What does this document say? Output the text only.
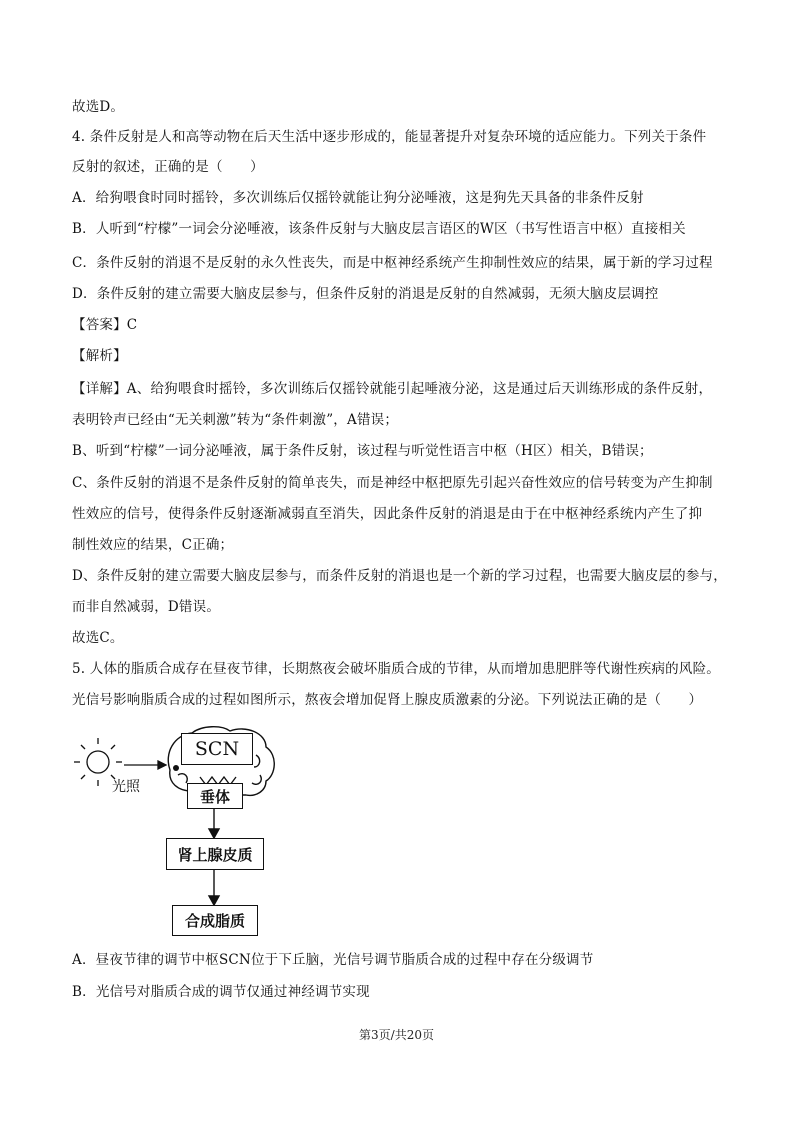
故选D。
4. 条件反射是人和高等动物在后天生活中逐步形成的，能显著提升对复杂环境的适应能力。下列关于条件
反射的叙述，正确的是（　　）
A．给狗喂食时同时摇铃，多次训练后仅摇铃就能让狗分泌唾液，这是狗先天具备的非条件反射
B．人听到“柠檬”一词会分泌唾液，该条件反射与大脑皮层言语区的W区（书写性语言中枢）直接相关
C．条件反射的消退不是反射的永久性丧失，而是中枢神经系统产生抑制性效应的结果，属于新的学习过程
D．条件反射的建立需要大脑皮层参与，但条件反射的消退是反射的自然减弱，无须大脑皮层调控
【答案】C
【解析】
【详解】A、给狗喂食时摇铃，多次训练后仅摇铃就能引起唾液分泌，这是通过后天训练形成的条件反射，
表明铃声已经由“无关刺激”转为“条件刺激”，A错误；
B、听到“柠檬”一词分泌唾液，属于条件反射，该过程与听觉性语言中枢（H区）相关，B错误；
C、条件反射的消退不是条件反射的简单丧失，而是神经中枢把原先引起兴奋性效应的信号转变为产生抑制
性效应的信号，使得条件反射逐渐减弱直至消失，因此条件反射的消退是由于在中枢神经系统内产生了抑
制性效应的结果，C正确；
D、条件反射的建立需要大脑皮层参与，而条件反射的消退也是一个新的学习过程，也需要大脑皮层的参与，
而非自然减弱，D错误。
故选C。
5. 人体的脂质合成存在昼夜节律，长期熬夜会破坏脂质合成的节律，从而增加患肥胖等代谢性疾病的风险。
光信号影响脂质合成的过程如图所示，熬夜会增加促肾上腺皮质激素的分泌。下列说法正确的是（　　）
光照
SCN
垂体
肾上腺皮质
合成脂质
A．昼夜节律的调节中枢SCN位于下丘脑，光信号调节脂质合成的过程中存在分级调节
B．光信号对脂质合成的调节仅通过神经调节实现
第3页/共20页
